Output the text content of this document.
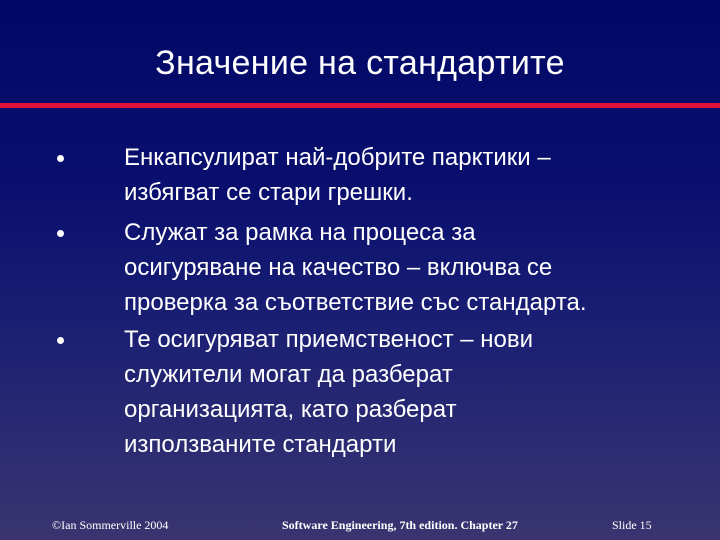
Значение на стандартите
Енкапсулират най-добрите парктики –
избягват се стари грешки.
Служат за рамка на процеса за
осигуряване на качество – включва се
проверка за съответствие със стандарта.
Те осигуряват приемственост – нови
служители могат да разберат
организацията, като разберат
използваните стандарти
©Ian Sommerville 2004	Software Engineering, 7th edition. Chapter 27	Slide 15
